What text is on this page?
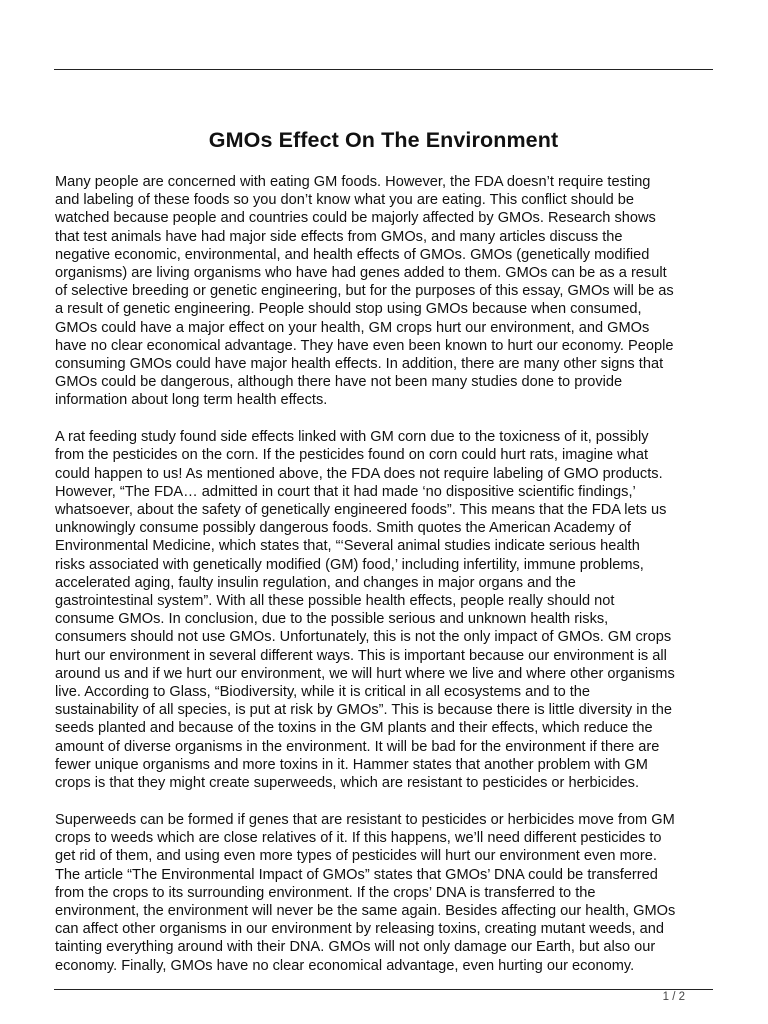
GMOs Effect On The Environment

Many people are concerned with eating GM foods. However, the FDA doesn’t require testing
and labeling of these foods so you don’t know what you are eating. This conflict should be
watched because people and countries could be majorly affected by GMOs. Research shows
that test animals have had major side effects from GMOs, and many articles discuss the
negative economic, environmental, and health effects of GMOs. GMOs (genetically modified
organisms) are living organisms who have had genes added to them. GMOs can be as a result
of selective breeding or genetic engineering, but for the purposes of this essay, GMOs will be as
a result of genetic engineering. People should stop using GMOs because when consumed,
GMOs could have a major effect on your health, GM crops hurt our environment, and GMOs
have no clear economical advantage. They have even been known to hurt our economy. People
consuming GMOs could have major health effects. In addition, there are many other signs that
GMOs could be dangerous, although there have not been many studies done to provide
information about long term health effects.

A rat feeding study found side effects linked with GM corn due to the toxicness of it, possibly
from the pesticides on the corn. If the pesticides found on corn could hurt rats, imagine what
could happen to us! As mentioned above, the FDA does not require labeling of GMO products.
However, “The FDA… admitted in court that it had made ‘no dispositive scientific findings,’
whatsoever, about the safety of genetically engineered foods”. This means that the FDA lets us
unknowingly consume possibly dangerous foods. Smith quotes the American Academy of
Environmental Medicine, which states that, “‘Several animal studies indicate serious health
risks associated with genetically modified (GM) food,’ including infertility, immune problems,
accelerated aging, faulty insulin regulation, and changes in major organs and the
gastrointestinal system”. With all these possible health effects, people really should not
consume GMOs. In conclusion, due to the possible serious and unknown health risks,
consumers should not use GMOs. Unfortunately, this is not the only impact of GMOs. GM crops
hurt our environment in several different ways. This is important because our environment is all
around us and if we hurt our environment, we will hurt where we live and where other organisms
live. According to Glass, “Biodiversity, while it is critical in all ecosystems and to the
sustainability of all species, is put at risk by GMOs”. This is because there is little diversity in the
seeds planted and because of the toxins in the GM plants and their effects, which reduce the
amount of diverse organisms in the environment. It will be bad for the environment if there are
fewer unique organisms and more toxins in it. Hammer states that another problem with GM
crops is that they might create superweeds, which are resistant to pesticides or herbicides.

Superweeds can be formed if genes that are resistant to pesticides or herbicides move from GM
crops to weeds which are close relatives of it. If this happens, we’ll need different pesticides to
get rid of them, and using even more types of pesticides will hurt our environment even more.
The article “The Environmental Impact of GMOs” states that GMOs’ DNA could be transferred
from the crops to its surrounding environment. If the crops’ DNA is transferred to the
environment, the environment will never be the same again. Besides affecting our health, GMOs
can affect other organisms in our environment by releasing toxins, creating mutant weeds, and
tainting everything around with their DNA. GMOs will not only damage our Earth, but also our
economy. Finally, GMOs have no clear economical advantage, even hurting our economy.

1 / 2
